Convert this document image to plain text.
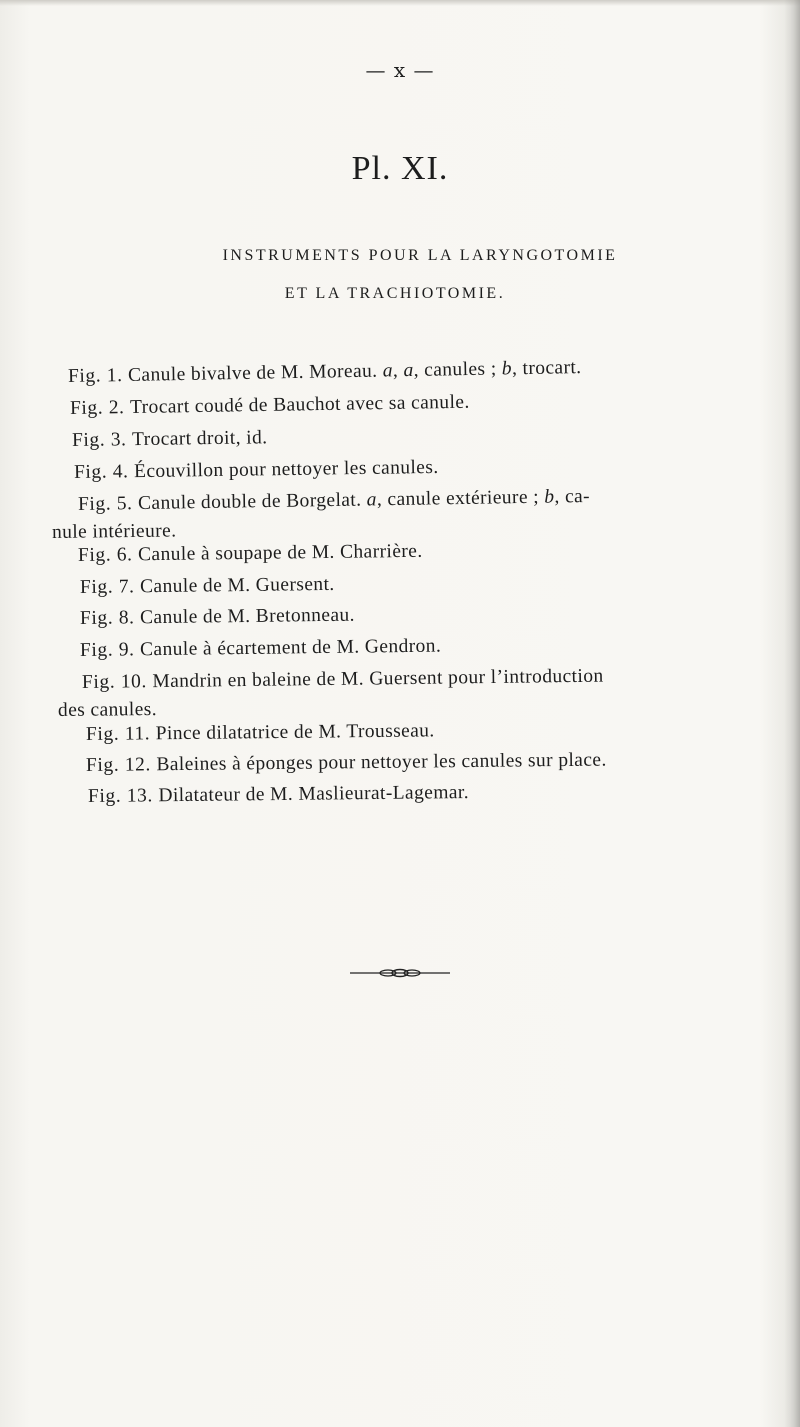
— x —
Pl. XI.
INSTRUMENTS POUR LA LARYNGOTOMIE
ET LA TRACHIOTOMIE.
Fig. 1. Canule bivalve de M. Moreau. a, a, canules ; b, trocart.
Fig. 2. Trocart coudé de Bauchot avec sa canule.
Fig. 3. Trocart droit, id.
Fig. 4. Écouvillon pour nettoyer les canules.
Fig. 5. Canule double de Borgelat. a, canule extérieure ; b, ca-
nule intérieure.
Fig. 6. Canule à soupape de M. Charrière.
Fig. 7. Canule de M. Guersent.
Fig. 8. Canule de M. Bretonneau.
Fig. 9. Canule à écartement de M. Gendron.
Fig. 10. Mandrin en baleine de M. Guersent pour l’introduction
des canules.
Fig. 11. Pince dilatatrice de M. Trousseau.
Fig. 12. Baleines à éponges pour nettoyer les canules sur place.
Fig. 13. Dilatateur de M. Maslieurat-Lagemar.
